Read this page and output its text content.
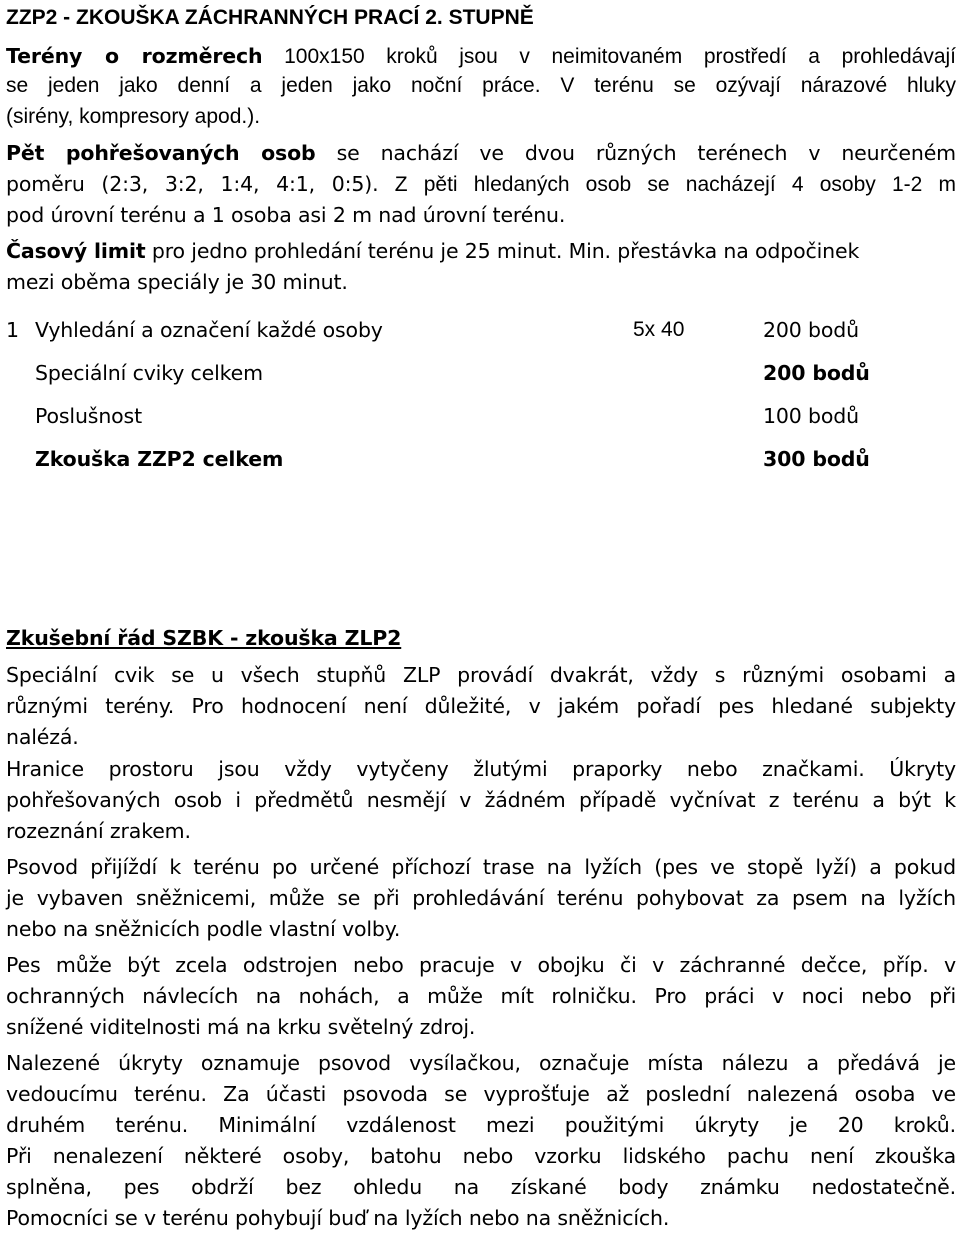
ZZP2 - ZKOUŠKA ZÁCHRANNÝCH PRACÍ 2. STUPNĚ
Terény o rozměrech 100x150 kroků jsou v neimitovaném prostředí a prohledávají
se jeden jako denní a jeden jako noční práce. V terénu se ozývají nárazové hluky
(sirény, kompresory apod.).
Pět pohřešovaných osob se nachází ve dvou různých terénech v neurčeném
poměru (2:3, 3:2, 1:4, 4:1, 0:5). Z pěti hledaných osob se nacházejí 4 osoby 1-2 m
pod úrovní terénu a 1 osoba asi 2 m nad úrovní terénu.
Časový limit pro jedno prohledání terénu je 25 minut. Min. přestávka na odpočinek
mezi oběma speciály je 30 minut.
1 Vyhledání a označení každé osoby	5x 40	200 bodů
Speciální cviky celkem	200 bodů
Poslušnost	100 bodů
Zkouška ZZP2 celkem	300 bodů
Zkušební řád SZBK - zkouška ZLP2
Speciální cvik se u všech stupňů ZLP provádí dvakrát, vždy s různými osobami a
různými terény. Pro hodnocení není důležité, v jakém pořadí pes hledané subjekty
nalézá.
Hranice prostoru jsou vždy vytyčeny žlutými praporky nebo značkami. Úkryty
pohřešovaných osob i předmětů nesmějí v žádném případě vyčnívat z terénu a být k
rozeznání zrakem.
Psovod přijíždí k terénu po určené příchozí trase na lyžích (pes ve stopě lyží) a pokud
je vybaven sněžnicemi, může se při prohledávání terénu pohybovat za psem na lyžích
nebo na sněžnicích podle vlastní volby.
Pes může být zcela odstrojen nebo pracuje v obojku či v záchranné dečce, příp. v
ochranných návlecích na nohách, a může mít rolničku. Pro práci v noci nebo při
snížené viditelnosti má na krku světelný zdroj.
Nalezené úkryty oznamuje psovod vysílačkou, označuje místa nálezu a předává je
vedoucímu terénu. Za účasti psovoda se vyprošťuje až poslední nalezená osoba ve
druhém terénu. Minimální vzdálenost mezi použitými úkryty je 20 kroků.
Při nenalezení některé osoby, batohu nebo vzorku lidského pachu není zkouška
splněna, pes obdrží bez ohledu na získané body známku nedostatečně.
Pomocníci se v terénu pohybují buď na lyžích nebo na sněžnicích.
